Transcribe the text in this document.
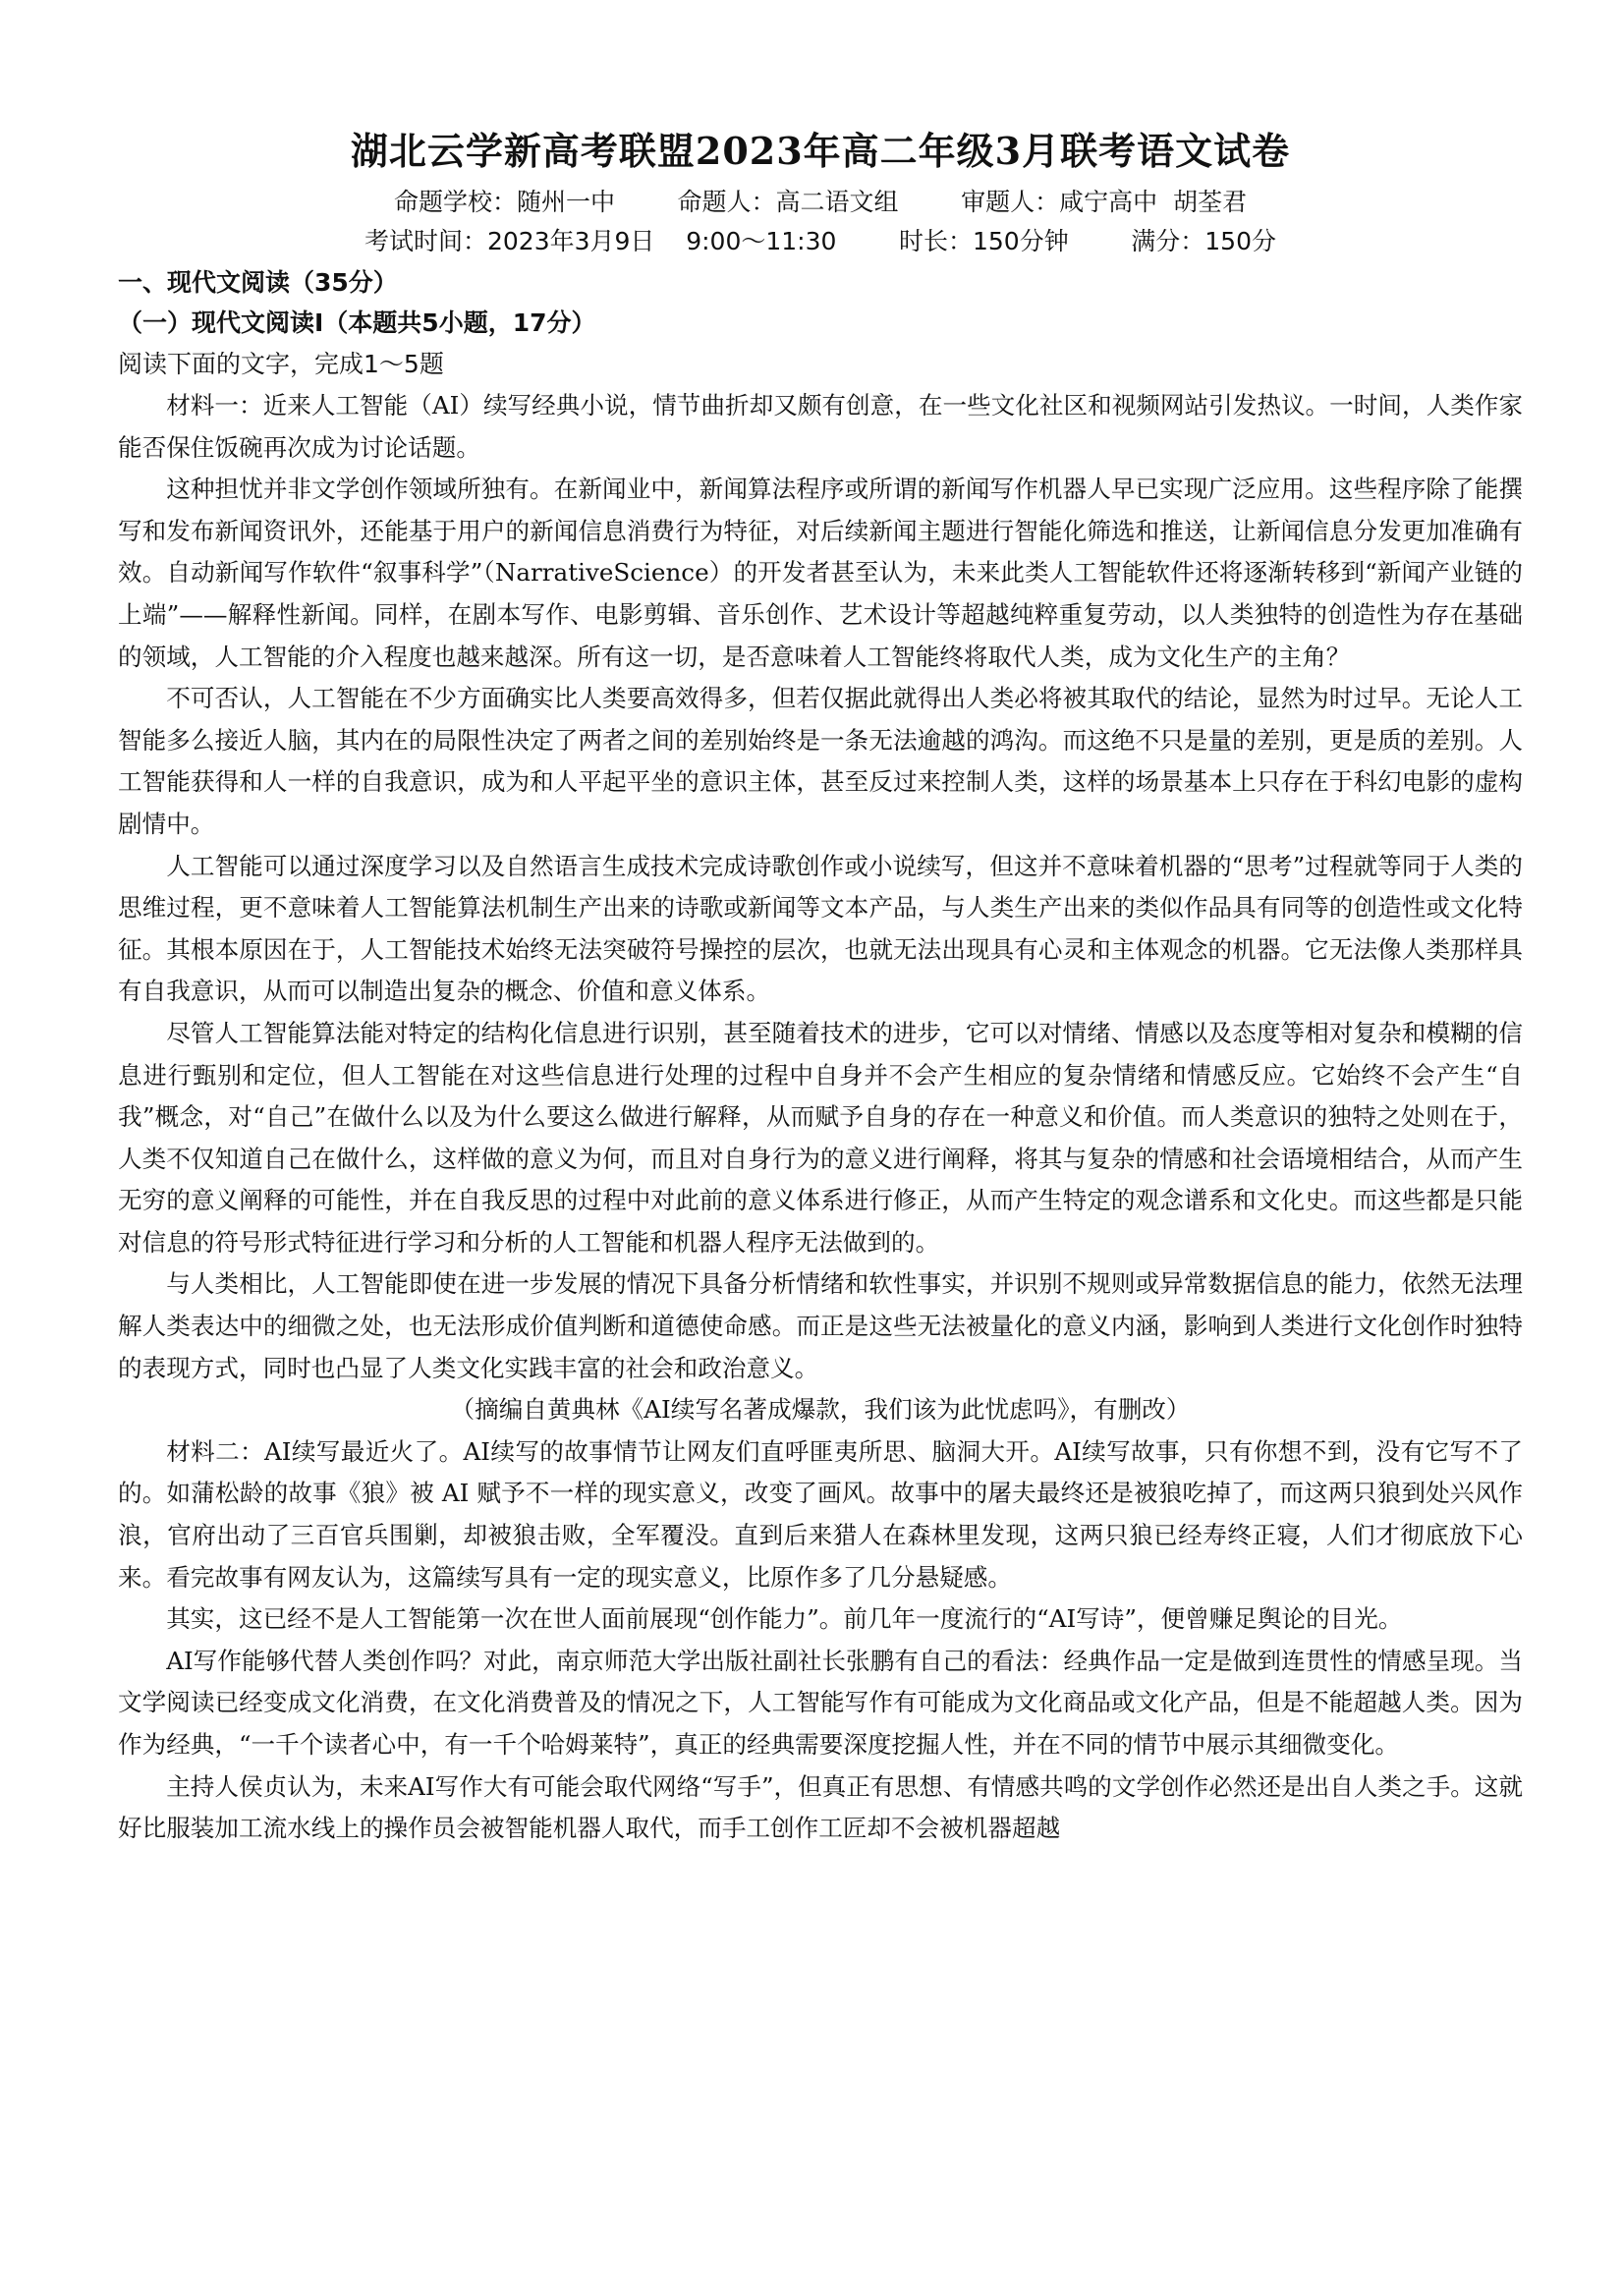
湖北云学新高考联盟2023年高二年级3月联考语文试卷
命题学校：随州一中        命题人：高二语文组        审题人：咸宁高中  胡荃君
考试时间：2023年3月9日    9:00～11:30        时长：150分钟        满分：150分
一、现代文阅读（35分）
（一）现代文阅读Ⅰ（本题共5小题，17分）
阅读下面的文字，完成1～5题

材料一：近来人工智能（AI）续写经典小说，情节曲折却又颇有创意，在一些文化社区和视频网站引发热议。一时间，人类作家能否保住饭碗再次成为讨论话题。

这种担忧并非文学创作领域所独有。在新闻业中，新闻算法程序或所谓的新闻写作机器人早已实现广泛应用。这些程序除了能撰写和发布新闻资讯外，还能基于用户的新闻信息消费行为特征，对后续新闻主题进行智能化筛选和推送，让新闻信息分发更加准确有效。自动新闻写作软件“叙事科学”（NarrativeScience）的开发者甚至认为，未来此类人工智能软件还将逐渐转移到“新闻产业链的上端”——解释性新闻。同样，在剧本写作、电影剪辑、音乐创作、艺术设计等超越纯粹重复劳动，以人类独特的创造性为存在基础的领域，人工智能的介入程度也越来越深。所有这一切，是否意味着人工智能终将取代人类，成为文化生产的主角？

不可否认，人工智能在不少方面确实比人类要高效得多，但若仅据此就得出人类必将被其取代的结论，显然为时过早。无论人工智能多么接近人脑，其内在的局限性决定了两者之间的差别始终是一条无法逾越的鸿沟。而这绝不只是量的差别，更是质的差别。人工智能获得和人一样的自我意识，成为和人平起平坐的意识主体，甚至反过来控制人类，这样的场景基本上只存在于科幻电影的虚构剧情中。

人工智能可以通过深度学习以及自然语言生成技术完成诗歌创作或小说续写，但这并不意味着机器的“思考”过程就等同于人类的思维过程，更不意味着人工智能算法机制生产出来的诗歌或新闻等文本产品，与人类生产出来的类似作品具有同等的创造性或文化特征。其根本原因在于，人工智能技术始终无法突破符号操控的层次，也就无法出现具有心灵和主体观念的机器。它无法像人类那样具有自我意识，从而可以制造出复杂的概念、价值和意义体系。

尽管人工智能算法能对特定的结构化信息进行识别，甚至随着技术的进步，它可以对情绪、情感以及态度等相对复杂和模糊的信息进行甄别和定位，但人工智能在对这些信息进行处理的过程中自身并不会产生相应的复杂情绪和情感反应。它始终不会产生“自我”概念，对“自己”在做什么以及为什么要这么做进行解释，从而赋予自身的存在一种意义和价值。而人类意识的独特之处则在于，人类不仅知道自己在做什么，这样做的意义为何，而且对自身行为的意义进行阐释，将其与复杂的情感和社会语境相结合，从而产生无穷的意义阐释的可能性，并在自我反思的过程中对此前的意义体系进行修正，从而产生特定的观念谱系和文化史。而这些都是只能对信息的符号形式特征进行学习和分析的人工智能和机器人程序无法做到的。

与人类相比，人工智能即使在进一步发展的情况下具备分析情绪和软性事实，并识别不规则或异常数据信息的能力，依然无法理解人类表达中的细微之处，也无法形成价值判断和道德使命感。而正是这些无法被量化的意义内涵，影响到人类进行文化创作时独特的表现方式，同时也凸显了人类文化实践丰富的社会和政治意义。

（摘编自黄典林《AI续写名著成爆款，我们该为此忧虑吗》，有删改）

材料二：AI续写最近火了。AI续写的故事情节让网友们直呼匪夷所思、脑洞大开。AI续写故事，只有你想不到，没有它写不了的。如蒲松龄的故事《狼》被 AI 赋予不一样的现实意义，改变了画风。故事中的屠夫最终还是被狼吃掉了，而这两只狼到处兴风作浪，官府出动了三百官兵围剿，却被狼击败，全军覆没。直到后来猎人在森林里发现，这两只狼已经寿终正寝，人们才彻底放下心来。看完故事有网友认为，这篇续写具有一定的现实意义，比原作多了几分悬疑感。

其实，这已经不是人工智能第一次在世人面前展现“创作能力”。前几年一度流行的“AI写诗”，便曾赚足舆论的目光。

AI写作能够代替人类创作吗？对此，南京师范大学出版社副社长张鹏有自己的看法：经典作品一定是做到连贯性的情感呈现。当文学阅读已经变成文化消费，在文化消费普及的情况之下，人工智能写作有可能成为文化商品或文化产品，但是不能超越人类。因为作为经典，“一千个读者心中，有一千个哈姆莱特”，真正的经典需要深度挖掘人性，并在不同的情节中展示其细微变化。

主持人侯贞认为，未来AI写作大有可能会取代网络“写手”，但真正有思想、有情感共鸣的文学创作必然还是出自人类之手。这就好比服装加工流水线上的操作员会被智能机器人取代，而手工创作工匠却不会被机器超越
